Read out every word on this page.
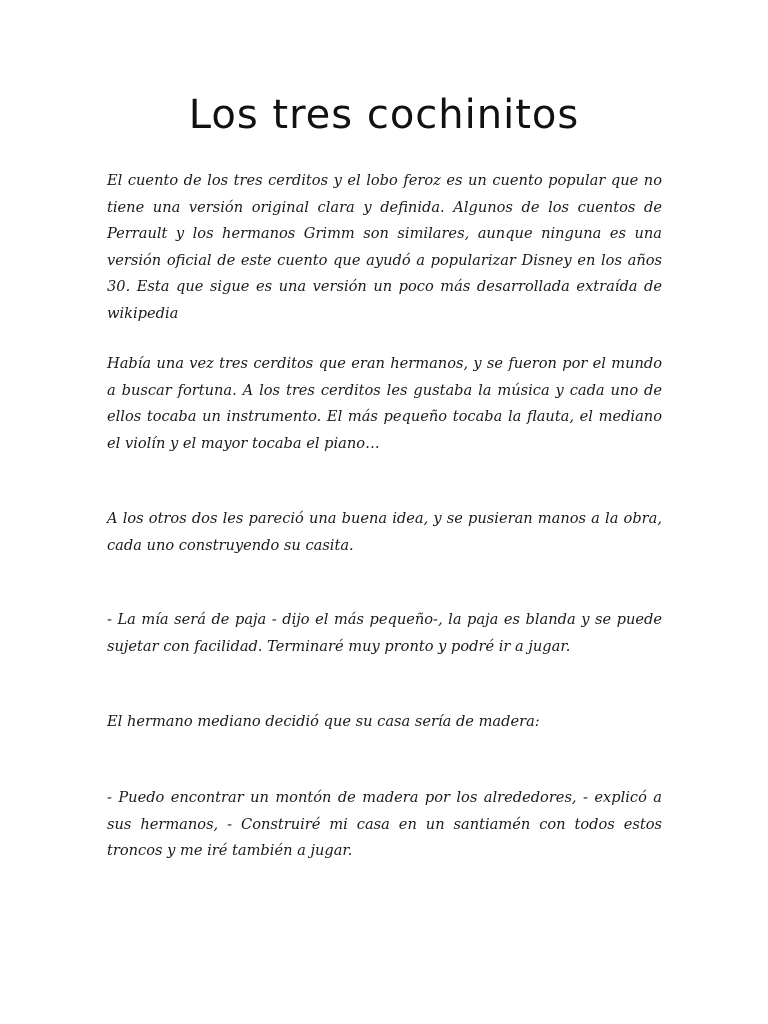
Los tres cochinitos

El cuento de los tres cerditos y el lobo feroz es un cuento popular que no tiene una versión original clara y definida. Algunos de los cuentos de Perrault y los hermanos Grimm son similares, aunque ninguna es una versión oficial de este cuento que ayudó a popularizar Disney en los años 30. Esta que sigue es una versión un poco más desarrollada extraída de wikipedia

Había una vez tres cerditos que eran hermanos, y se fueron por el mundo a buscar fortuna. A los tres cerditos les gustaba la música y cada uno de ellos tocaba un instrumento. El más pequeño tocaba la flauta, el mediano el violín y el mayor tocaba el piano…

A los otros dos les pareció una buena idea, y se pusieran manos a la obra, cada uno construyendo su casita.

- La mía será de paja - dijo el más pequeño-, la paja es blanda y se puede sujetar con facilidad. Terminaré muy pronto y podré ir a jugar.

El hermano mediano decidió que su casa sería de madera:

- Puedo encontrar un montón de madera por los alrededores, - explicó a sus hermanos, - Construiré mi casa en un santiamén con todos estos troncos y me iré también a jugar.
